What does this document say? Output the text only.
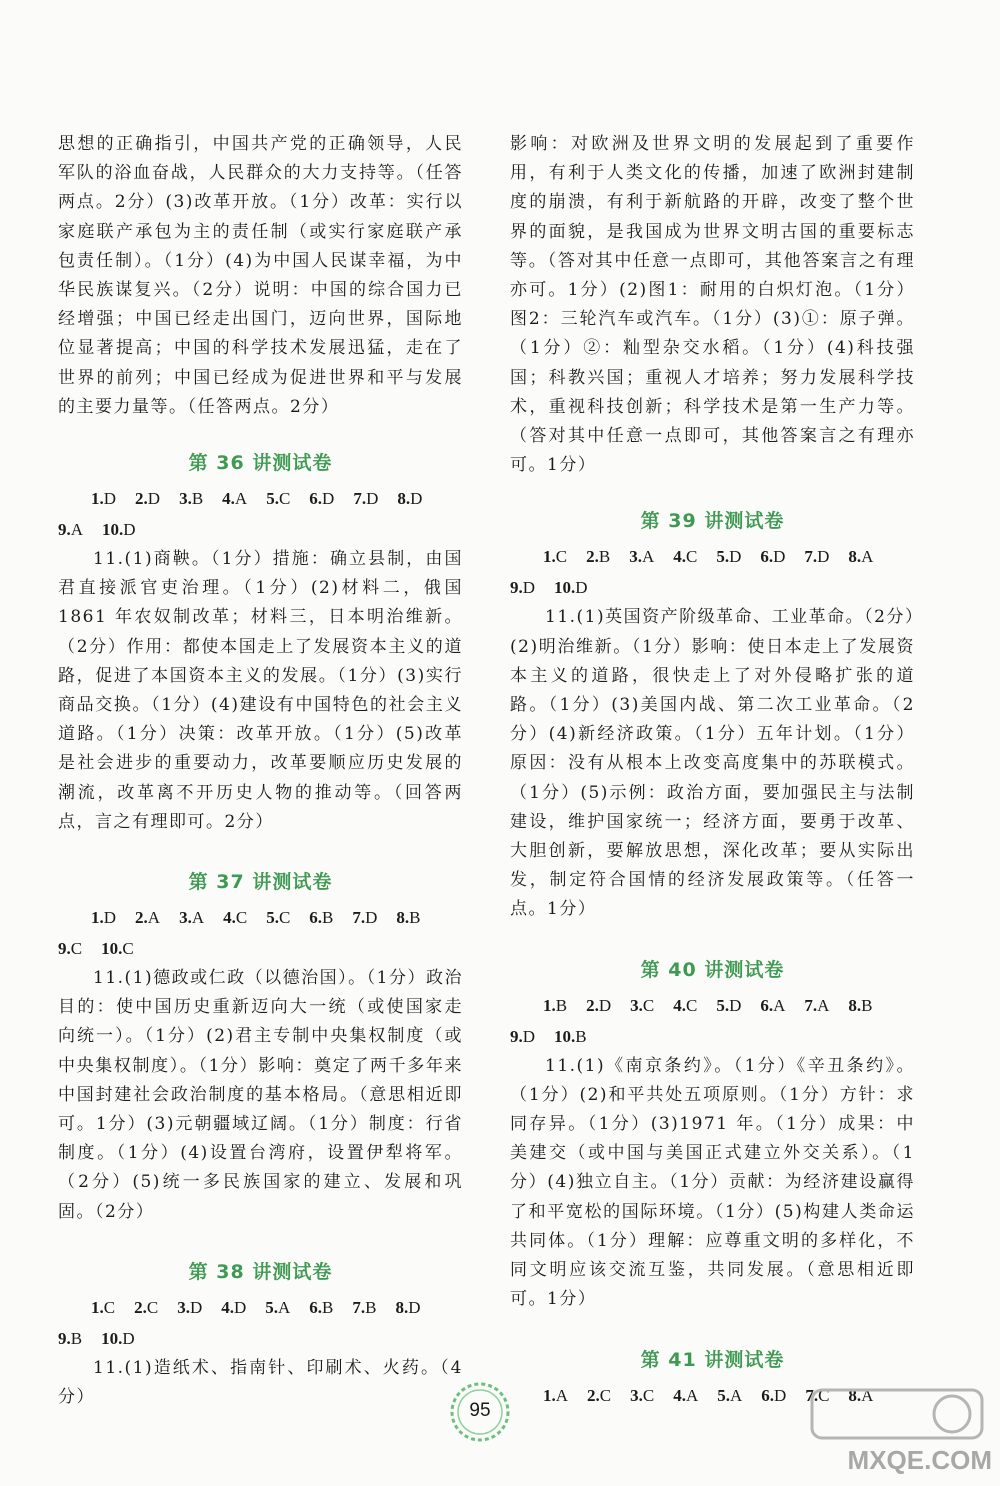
思想的正确指引，中国共产党的正确领导，人民军队的浴血奋战，人民群众的大力支持等。（任答两点。2分）(3)改革开放。（1分）改革：实行以家庭联产承包为主的责任制（或实行家庭联产承包责任制）。（1分）(4)为中国人民谋幸福，为中华民族谋复兴。（2分）说明：中国的综合国力已经增强；中国已经走出国门，迈向世界，国际地位显著提高；中国的科学技术发展迅猛，走在了世界的前列；中国已经成为促进世界和平与发展的主要力量等。（任答两点。2分）

第 36 讲测试卷

1.D 2.D 3.B 4.A 5.C 6.D 7.D 8.D

9.A 10.D

11.(1)商鞅。（1分）措施：确立县制，由国君直接派官吏治理。（1分）(2)材料二，俄国 1861 年农奴制改革；材料三，日本明治维新。（2分）作用：都使本国走上了发展资本主义的道路，促进了本国资本主义的发展。（1分）(3)实行商品交换。（1分）(4)建设有中国特色的社会主义道路。（1分）决策：改革开放。（1分）(5)改革是社会进步的重要动力，改革要顺应历史发展的潮流，改革离不开历史人物的推动等。（回答两点，言之有理即可。2分）

第 37 讲测试卷

1.D 2.A 3.A 4.C 5.C 6.B 7.D 8.B

9.C 10.C

11.(1)德政或仁政（以德治国）。（1分）政治目的：使中国历史重新迈向大一统（或使国家走向统一）。（1分）(2)君主专制中央集权制度（或中央集权制度）。（1分）影响：奠定了两千多年来中国封建社会政治制度的基本格局。（意思相近即可。1分）(3)元朝疆域辽阔。（1分）制度：行省制度。（1分）(4)设置台湾府，设置伊犁将军。（2分）(5)统一多民族国家的建立、发展和巩固。（2分）

第 38 讲测试卷

1.C 2.C 3.D 4.D 5.A 6.B 7.B 8.D

9.B 10.D

11.(1)造纸术、指南针、印刷术、火药。（4分）

影响：对欧洲及世界文明的发展起到了重要作用，有利于人类文化的传播，加速了欧洲封建制度的崩溃，有利于新航路的开辟，改变了整个世界的面貌，是我国成为世界文明古国的重要标志等。（答对其中任意一点即可，其他答案言之有理亦可。1分）(2)图1：耐用的白炽灯泡。（1分）图2：三轮汽车或汽车。（1分）(3)①：原子弹。（1分）②：籼型杂交水稻。（1分）(4)科技强国；科教兴国；重视人才培养；努力发展科学技术，重视科技创新；科学技术是第一生产力等。（答对其中任意一点即可，其他答案言之有理亦可。1分）

第 39 讲测试卷

1.C 2.B 3.A 4.C 5.D 6.D 7.D 8.A

9.D 10.D

11.(1)英国资产阶级革命、工业革命。（2分）(2)明治维新。（1分）影响：使日本走上了发展资本主义的道路，很快走上了对外侵略扩张的道路。（1分）(3)美国内战、第二次工业革命。（2分）(4)新经济政策。（1分）五年计划。（1分）原因：没有从根本上改变高度集中的苏联模式。（1分）(5)示例：政治方面，要加强民主与法制建设，维护国家统一；经济方面，要勇于改革、大胆创新，要解放思想，深化改革；要从实际出发，制定符合国情的经济发展政策等。（任答一点。1分）

第 40 讲测试卷

1.B 2.D 3.C 4.C 5.D 6.A 7.A 8.B

9.D 10.B

11.(1)《南京条约》。（1分）《辛丑条约》。（1分）(2)和平共处五项原则。（1分）方针：求同存异。（1分）(3)1971 年。（1分）成果：中美建交（或中国与美国正式建立外交关系）。（1分）(4)独立自主。（1分）贡献：为经济建设赢得了和平宽松的国际环境。（1分）(5)构建人类命运共同体。（1分）理解：应尊重文明的多样化，不同文明应该交流互鉴，共同发展。（意思相近即可。1分）

第 41 讲测试卷

1.A 2.C 3.C 4.A 5.A 6.D 7.C 8.A

95
MXQE.COM
